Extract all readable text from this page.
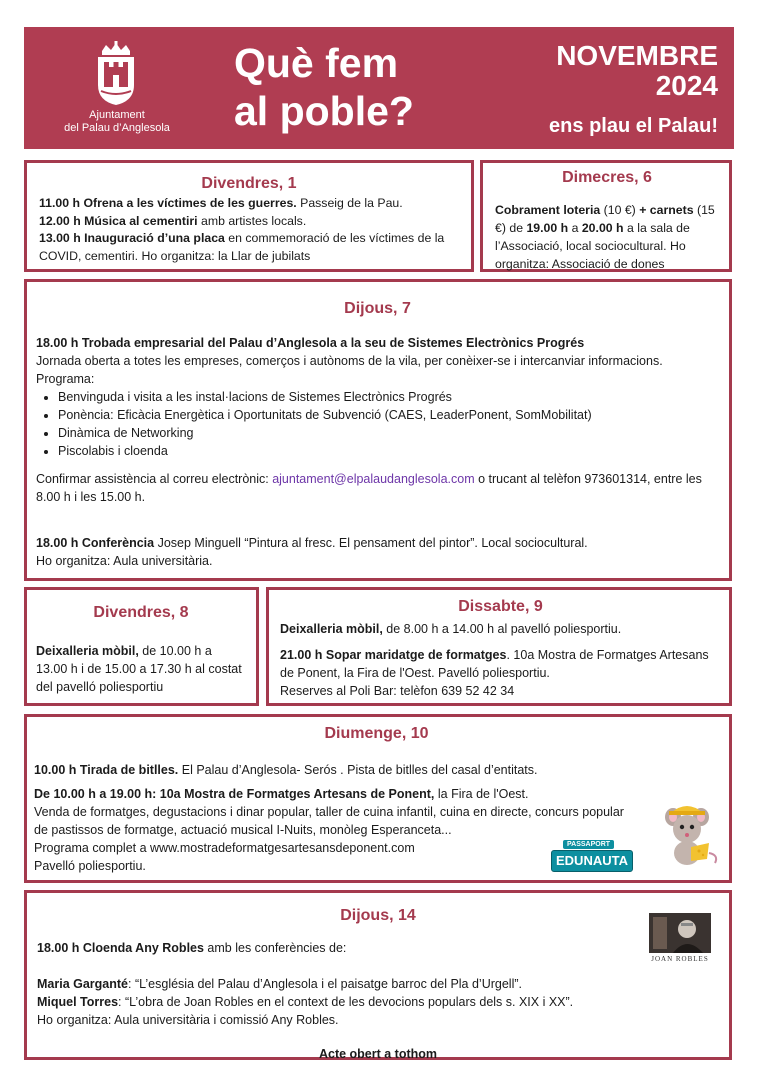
Ajuntament
del Palau d’Anglesola
Què fem
al poble?
NOVEMBRE
2024
ens plau el Palau!
Divendres, 1

11.00 h Ofrena a les víctimes de les guerres. Passeig de la Pau.
12.00 h Música al cementiri amb artistes locals.
13.00 h Inauguració d’una placa en commemoració de les víctimes de la COVID, cementiri. Ho organitza: la Llar de jubilats

Dimecres, 6

Cobrament loteria (10 €) + carnets (15 €) de 19.00 h a 20.00 h a la sala de l’Associació, local sociocultural. Ho organitza: Associació de dones

Dijous, 7

18.00 h Trobada empresarial del Palau d’Anglesola a la seu de Sistemes Electrònics Progrés

Jornada oberta a totes les empreses, comerços i autònoms de la vila, per conèixer-se i intercanviar informacions. Programa:

• Benvinguda i visita a les instal·lacions de Sistemes Electrònics Progrés
• Ponència: Eficàcia Energètica i Oportunitats de Subvenció (CAES, LeaderPonent, SomMobilitat)
• Dinàmica de Networking
• Piscolabis i cloenda

Confirmar assistència al correu electrònic: ajuntament@elpalaudanglesola.com o trucant al telèfon 973601314, entre les 8.00 h i les 15.00 h.

18.00 h Conferència Josep Minguell “Pintura al fresc. El pensament del pintor”. Local sociocultural.

Ho organitza: Aula universitària.

Divendres, 8

Deixalleria mòbil, de 10.00 h a 13.00 h i de 15.00 a 17.30 h al costat del pavelló poliesportiu

Dissabte, 9

Deixalleria mòbil, de 8.00 h a 14.00 h al pavelló poliesportiu.

21.00 h Sopar maridatge de formatges. 10a Mostra de Formatges Artesans de Ponent, la Fira de l'Oest. Pavelló poliesportiu.

Reserves al Poli Bar: telèfon 639 52 42 34

Diumenge, 10

10.00 h Tirada de bitlles. El Palau d’Anglesola- Serós . Pista de bitlles del casal d’entitats.

De 10.00 h a 19.00 h: 10a Mostra de Formatges Artesans de Ponent, la Fira de l'Oest.

Venda de formatges, degustacions i dinar popular, taller de cuina infantil, cuina en directe, concurs popular de pastissos de formatge, actuació musical I-Nuits, monòleg Esperanceta...

Programa complet a www.mostradeformatgesartesansdeponent.com

Pavelló poliesportiu.

PASSAPORT
EDUNAUTA
Dijous, 14

18.00 h Cloenda Any Robles amb les conferències de:

Maria Garganté: “L’església del Palau d’Anglesola i el paisatge barroc del Pla d’Urgell”.

Miquel Torres: “L’obra de Joan Robles en el context de les devocions populars dels s. XIX i XX”.

Ho organitza: Aula universitària i comissió Any Robles.

Acte obert a tothom

JOAN ROBLES
